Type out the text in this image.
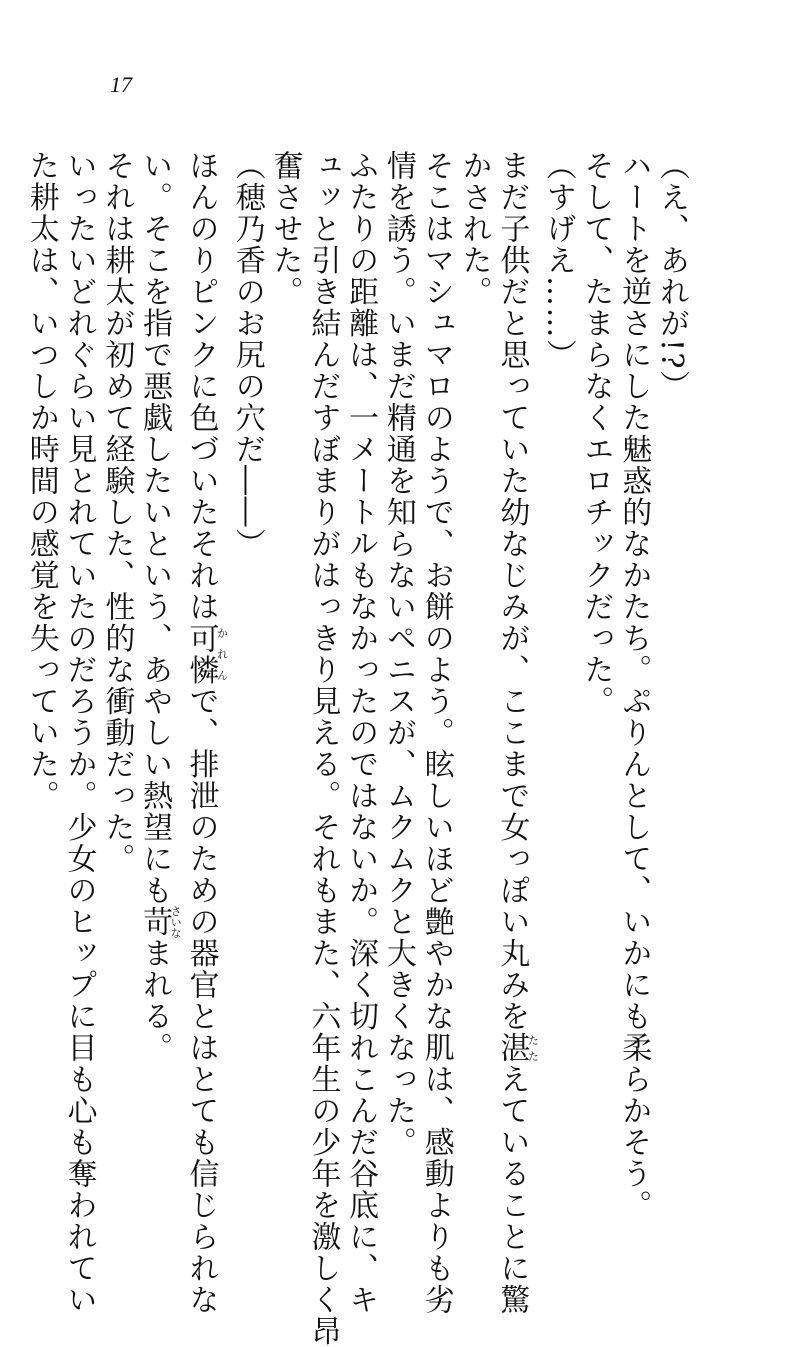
17
（え、あれが!?）
ハートを逆さにした魅惑的なかたち。ぷりんとして、いかにも柔らかそう。
そして、たまらなくエロチックだった。
（すげえ……）
まだ子供だと思っていた幼なじみが、ここまで女っぽい丸みを湛たたえていることに驚
かされた。
そこはマシュマロのようで、お餅のよう。眩しいほど艶やかな肌は、感動よりも劣
情を誘う。いまだ精通を知らないペニスが、ムクムクと大きくなった。
ふたりの距離は、一メートルもなかったのではないか。深く切れこんだ谷底に、キ
ュッと引き結んだすぼまりがはっきり見える。それもまた、六年生の少年を激しく昂
奮させた。
（穂乃香のお尻の穴だ――）
ほんのりピンクに色づいたそれは可憐かれんで、排泄のための器官とはとても信じられな
い。そこを指で悪戯したいという、あやしい熱望にも苛さいなまれる。
それは耕太が初めて経験した、性的な衝動だった。
いったいどれぐらい見とれていたのだろうか。少女のヒップに目も心も奪われてい
た耕太は、いつしか時間の感覚を失っていた。
